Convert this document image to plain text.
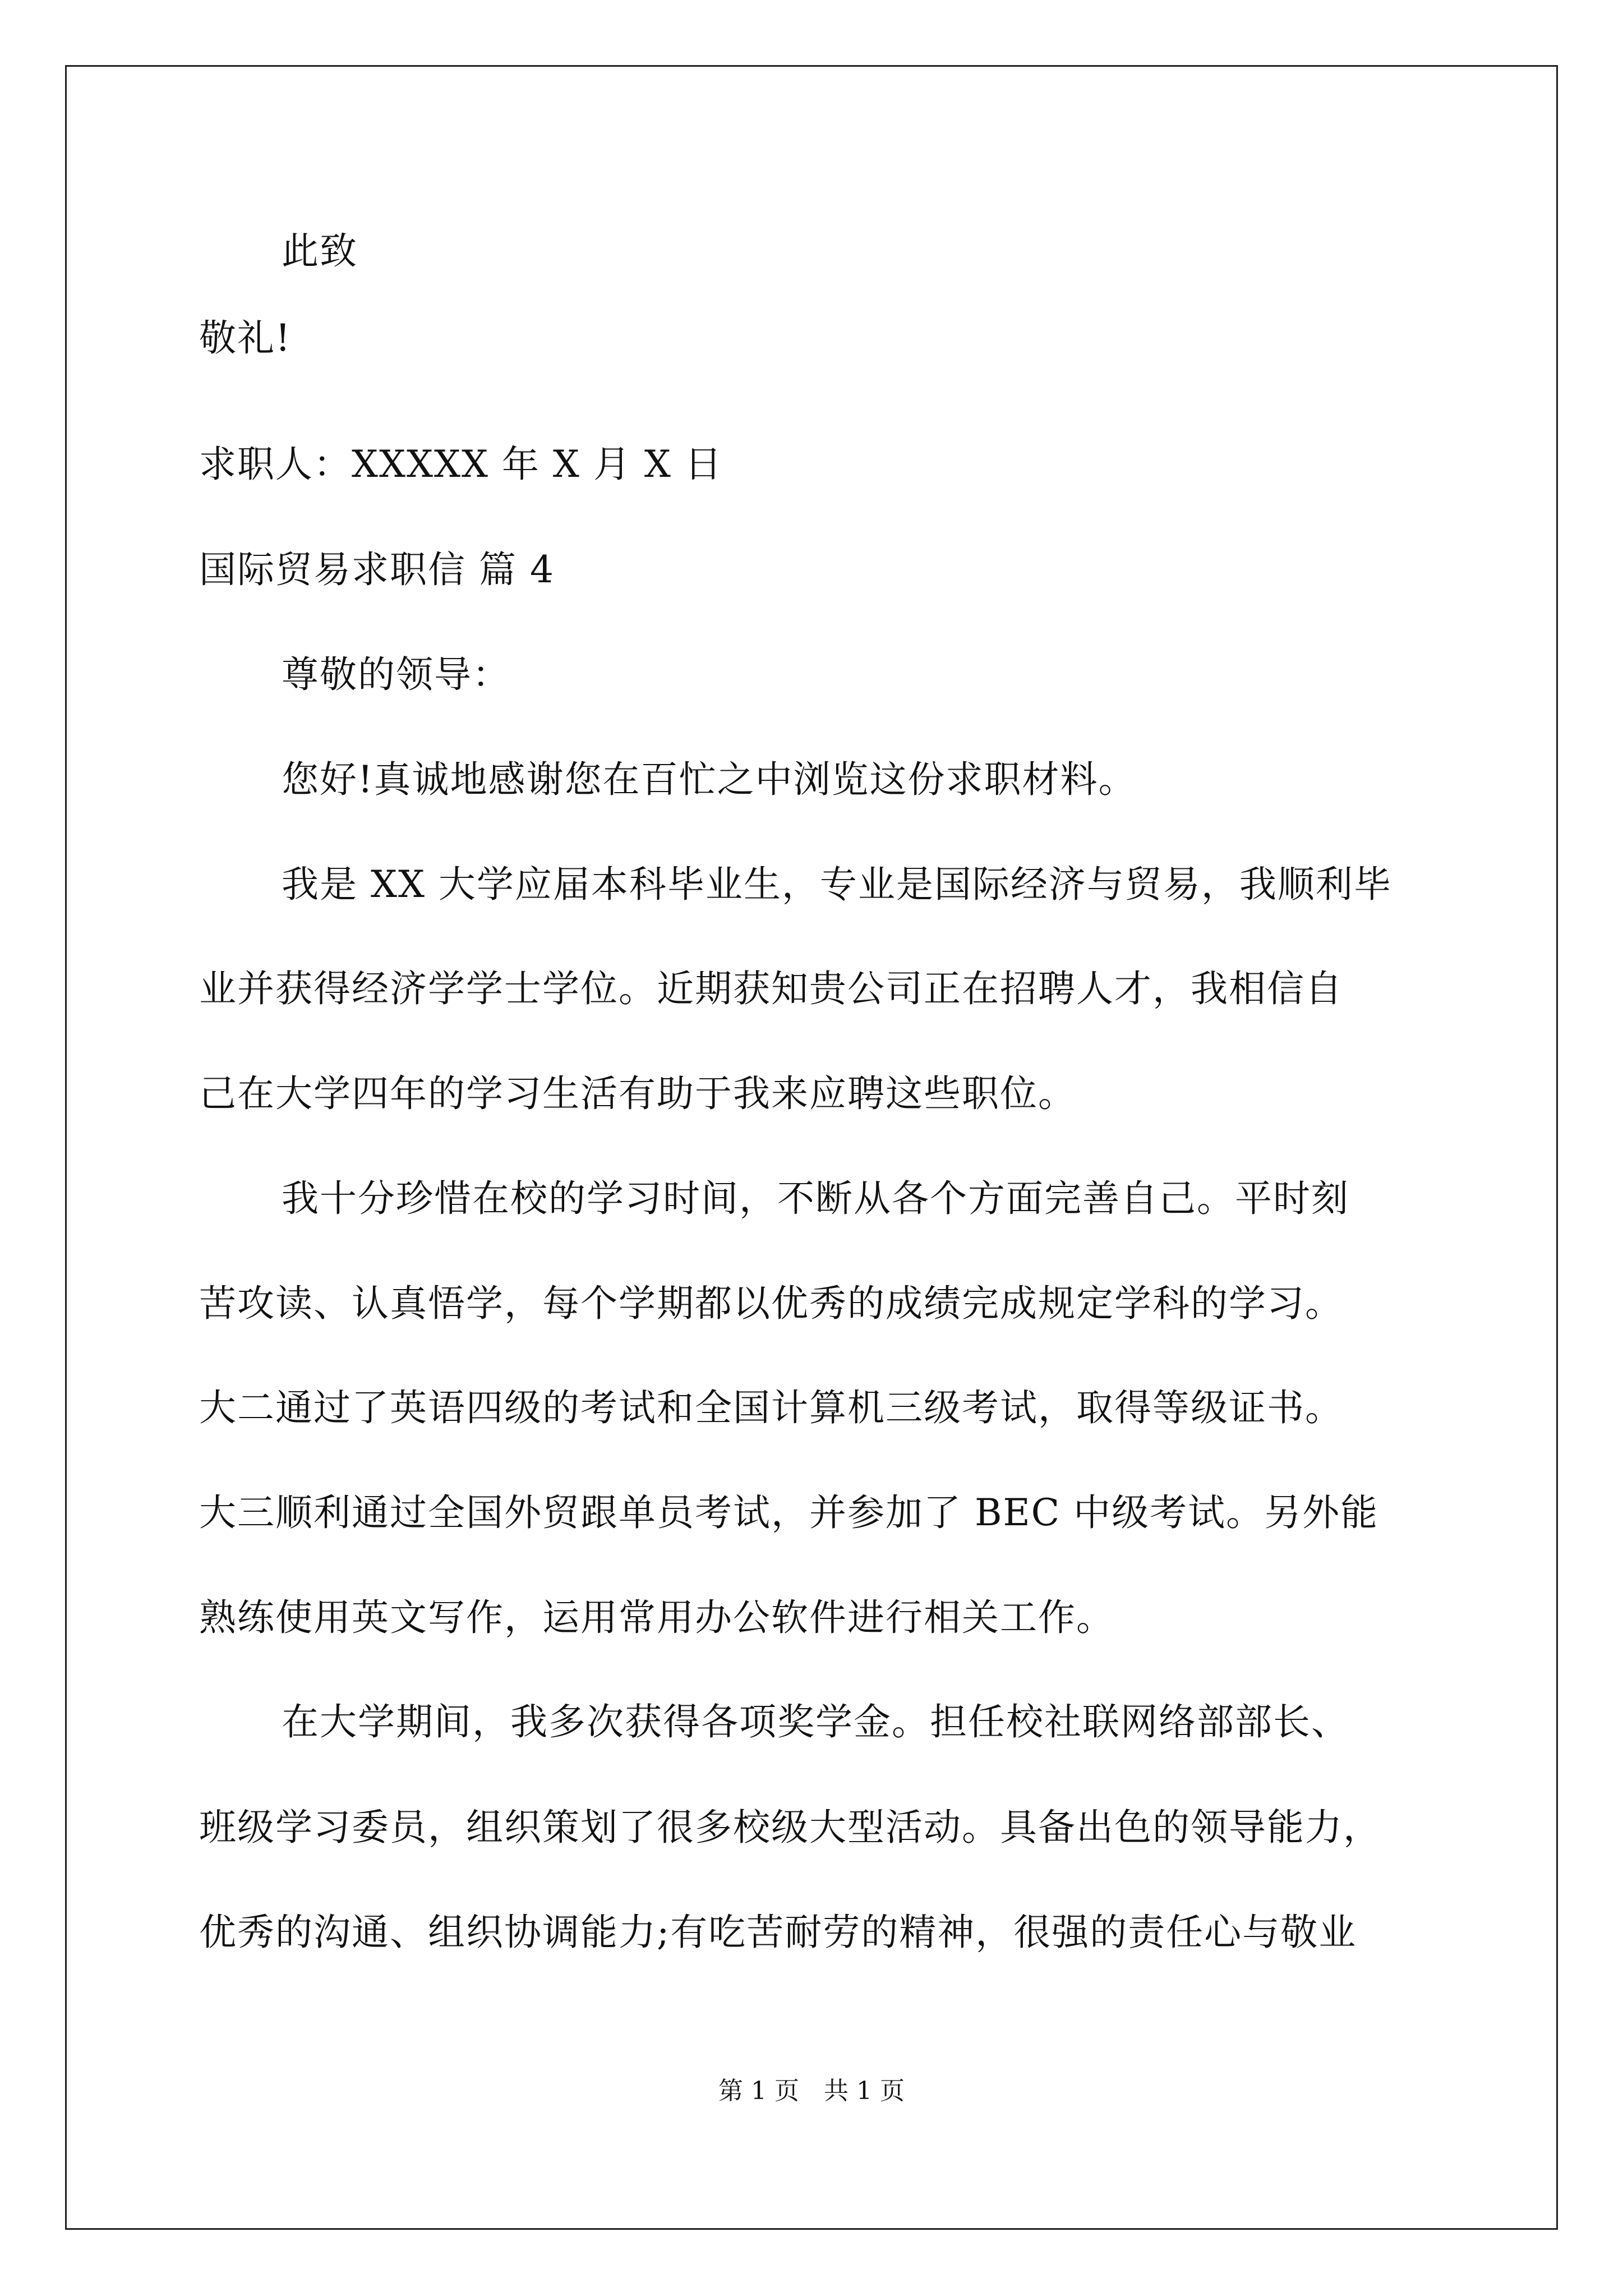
此致
敬礼!
求职人：XXXXX 年 X 月 X 日
国际贸易求职信 篇 4
尊敬的领导：
您好!真诚地感谢您在百忙之中浏览这份求职材料。
我是 XX 大学应届本科毕业生，专业是国际经济与贸易，我顺利毕
业并获得经济学学士学位。近期获知贵公司正在招聘人才，我相信自
己在大学四年的学习生活有助于我来应聘这些职位。
我十分珍惜在校的学习时间，不断从各个方面完善自己。平时刻
苦攻读、认真悟学，每个学期都以优秀的成绩完成规定学科的学习。
大二通过了英语四级的考试和全国计算机三级考试，取得等级证书。
大三顺利通过全国外贸跟单员考试，并参加了 BEC 中级考试。另外能
熟练使用英文写作，运用常用办公软件进行相关工作。
在大学期间，我多次获得各项奖学金。担任校社联网络部部长、
班级学习委员，组织策划了很多校级大型活动。具备出色的领导能力，
优秀的沟通、组织协调能力;有吃苦耐劳的精神，很强的责任心与敬业
第 1 页　共 1 页
